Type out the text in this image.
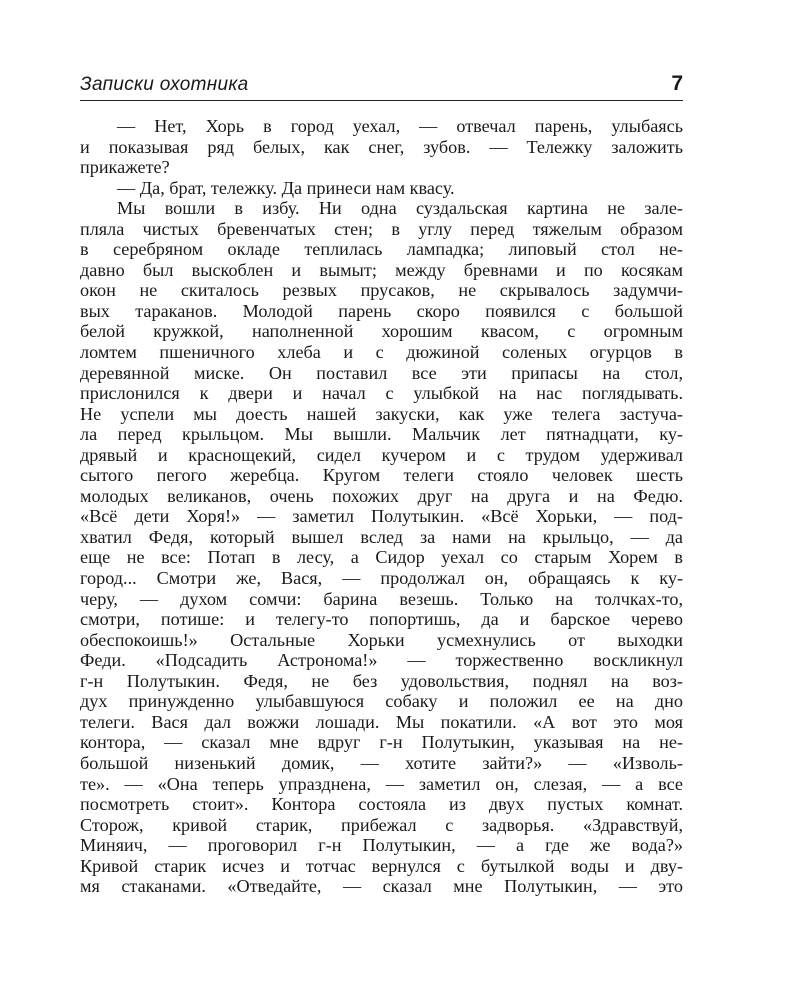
Записки охотника	7
— Нет, Хорь в город уехал, — отвечал парень, улыбаясь
и показывая ряд белых, как снег, зубов. — Тележку заложить
прикажете?
— Да, брат, тележку. Да принеси нам квасу.
Мы вошли в избу. Ни одна суздальская картина не зале-
пляла чистых бревенчатых стен; в углу перед тяжелым образом
в серебряном окладе теплилась лампадка; липовый стол не-
давно был выскоблен и вымыт; между бревнами и по косякам
окон не скиталось резвых прусаков, не скрывалось задумчи-
вых тараканов. Молодой парень скоро появился с большой
белой кружкой, наполненной хорошим квасом, с огромным
ломтем пшеничного хлеба и с дюжиной соленых огурцов в
деревянной миске. Он поставил все эти припасы на стол,
прислонился к двери и начал с улыбкой на нас поглядывать.
Не успели мы доесть нашей закуски, как уже телега застуча-
ла перед крыльцом. Мы вышли. Мальчик лет пятнадцати, ку-
дрявый и краснощекий, сидел кучером и с трудом удерживал
сытого пегого жеребца. Кругом телеги стояло человек шесть
молодых великанов, очень похожих друг на друга и на Федю.
«Всё дети Хоря!» — заметил Полутыкин. «Всё Хорьки, — под-
хватил Федя, который вышел вслед за нами на крыльцо, — да
еще не все: Потап в лесу, а Сидор уехал со старым Хорем в
город... Смотри же, Вася, — продолжал он, обращаясь к ку-
черу, — духом сомчи: барина везешь. Только на толчках-то,
смотри, потише: и телегу-то попортишь, да и барское черево
обеспокоишь!» Остальные Хорьки усмехнулись от выходки
Феди. «Подсадить Астронома!» — торжественно воскликнул
г-н Полутыкин. Федя, не без удовольствия, поднял на воз-
дух принужденно улыбавшуюся собаку и положил ее на дно
телеги. Вася дал вожжи лошади. Мы покатили. «А вот это моя
контора, — сказал мне вдруг г-н Полутыкин, указывая на не-
большой низенький домик, — хотите зайти?» — «Изволь-
те». — «Она теперь упразднена, — заметил он, слезая, — а все
посмотреть стоит». Контора состояла из двух пустых комнат.
Сторож, кривой старик, прибежал с задворья. «Здравствуй,
Миняич, — проговорил г-н Полутыкин, — а где же вода?»
Кривой старик исчез и тотчас вернулся с бутылкой воды и дву-
мя стаканами. «Отведайте, — сказал мне Полутыкин, — это
